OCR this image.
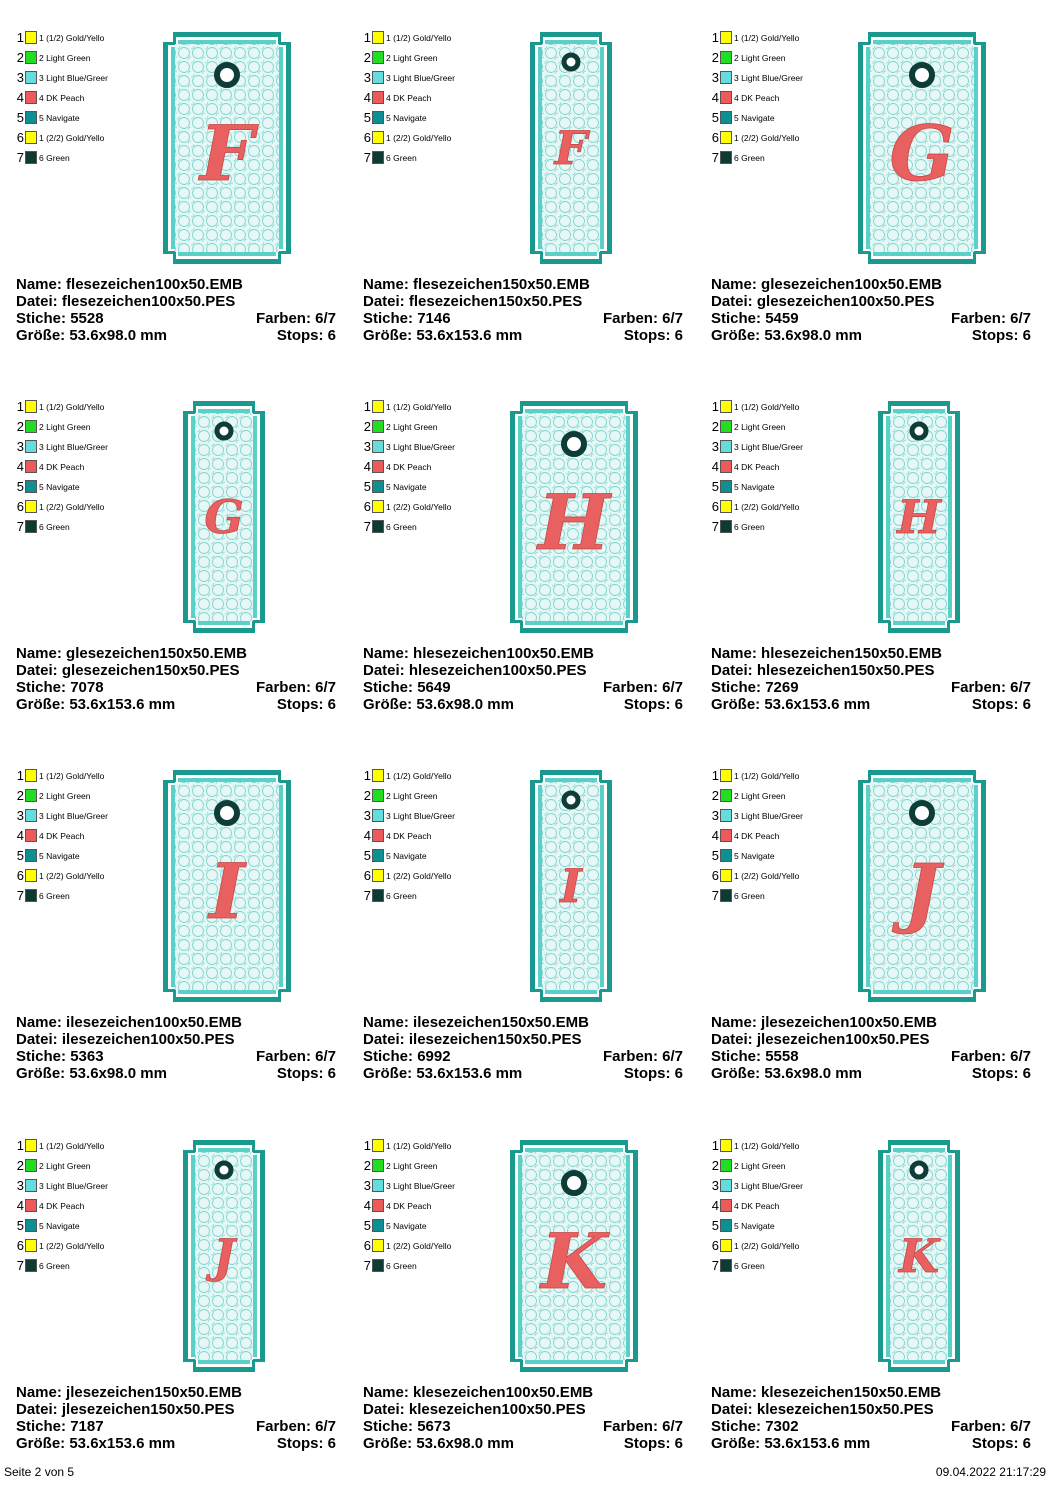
1 1 (1/2) Gold/Yello
2 2 Light Green
3 3 Light Blue/Greer
4 4 DK Peach
5 5 Navigate
6 1 (2/2) Gold/Yello
7 6 Green	F
Name: flesezeichen100x50.EMB
Datei: flesezeichen100x50.PES
Stiche: 5528	Farben: 6/7
Größe: 53.6x98.0 mm	Stops: 6
1 1 (1/2) Gold/Yello
2 2 Light Green
3 3 Light Blue/Greer
4 4 DK Peach
5 5 Navigate
6 1 (2/2) Gold/Yello
7 6 Green	F
Name: flesezeichen150x50.EMB
Datei: flesezeichen150x50.PES
Stiche: 7146	Farben: 6/7
Größe: 53.6x153.6 mm	Stops: 6
1 1 (1/2) Gold/Yello
2 2 Light Green
3 3 Light Blue/Greer
4 4 DK Peach
5 5 Navigate
6 1 (2/2) Gold/Yello
7 6 Green	G
Name: glesezeichen100x50.EMB
Datei: glesezeichen100x50.PES
Stiche: 5459	Farben: 6/7
Größe: 53.6x98.0 mm	Stops: 6
1 1 (1/2) Gold/Yello
2 2 Light Green
3 3 Light Blue/Greer
4 4 DK Peach
5 5 Navigate
6 1 (2/2) Gold/Yello
7 6 Green	G
Name: glesezeichen150x50.EMB
Datei: glesezeichen150x50.PES
Stiche: 7078	Farben: 6/7
Größe: 53.6x153.6 mm	Stops: 6
1 1 (1/2) Gold/Yello
2 2 Light Green
3 3 Light Blue/Greer
4 4 DK Peach
5 5 Navigate
6 1 (2/2) Gold/Yello
7 6 Green	H
Name: hlesezeichen100x50.EMB
Datei: hlesezeichen100x50.PES
Stiche: 5649	Farben: 6/7
Größe: 53.6x98.0 mm	Stops: 6
1 1 (1/2) Gold/Yello
2 2 Light Green
3 3 Light Blue/Greer
4 4 DK Peach
5 5 Navigate
6 1 (2/2) Gold/Yello
7 6 Green	H
Name: hlesezeichen150x50.EMB
Datei: hlesezeichen150x50.PES
Stiche: 7269	Farben: 6/7
Größe: 53.6x153.6 mm	Stops: 6
1 1 (1/2) Gold/Yello
2 2 Light Green
3 3 Light Blue/Greer
4 4 DK Peach
5 5 Navigate
6 1 (2/2) Gold/Yello
7 6 Green	I
Name: ilesezeichen100x50.EMB
Datei: ilesezeichen100x50.PES
Stiche: 5363	Farben: 6/7
Größe: 53.6x98.0 mm	Stops: 6
1 1 (1/2) Gold/Yello
2 2 Light Green
3 3 Light Blue/Greer
4 4 DK Peach
5 5 Navigate
6 1 (2/2) Gold/Yello
7 6 Green	I
Name: ilesezeichen150x50.EMB
Datei: ilesezeichen150x50.PES
Stiche: 6992	Farben: 6/7
Größe: 53.6x153.6 mm	Stops: 6
1 1 (1/2) Gold/Yello
2 2 Light Green
3 3 Light Blue/Greer
4 4 DK Peach
5 5 Navigate
6 1 (2/2) Gold/Yello
7 6 Green	J
Name: jlesezeichen100x50.EMB
Datei: jlesezeichen100x50.PES
Stiche: 5558	Farben: 6/7
Größe: 53.6x98.0 mm	Stops: 6
1 1 (1/2) Gold/Yello
2 2 Light Green
3 3 Light Blue/Greer
4 4 DK Peach
5 5 Navigate
6 1 (2/2) Gold/Yello
7 6 Green	J
Name: jlesezeichen150x50.EMB
Datei: jlesezeichen150x50.PES
Stiche: 7187	Farben: 6/7
Größe: 53.6x153.6 mm	Stops: 6
1 1 (1/2) Gold/Yello
2 2 Light Green
3 3 Light Blue/Greer
4 4 DK Peach
5 5 Navigate
6 1 (2/2) Gold/Yello
7 6 Green	K
Name: klesezeichen100x50.EMB
Datei: klesezeichen100x50.PES
Stiche: 5673	Farben: 6/7
Größe: 53.6x98.0 mm	Stops: 6
1 1 (1/2) Gold/Yello
2 2 Light Green
3 3 Light Blue/Greer
4 4 DK Peach
5 5 Navigate
6 1 (2/2) Gold/Yello
7 6 Green	K
Name: klesezeichen150x50.EMB
Datei: klesezeichen150x50.PES
Stiche: 7302	Farben: 6/7
Größe: 53.6x153.6 mm	Stops: 6
Seite 2 von 5	09.04.2022 21:17:29
